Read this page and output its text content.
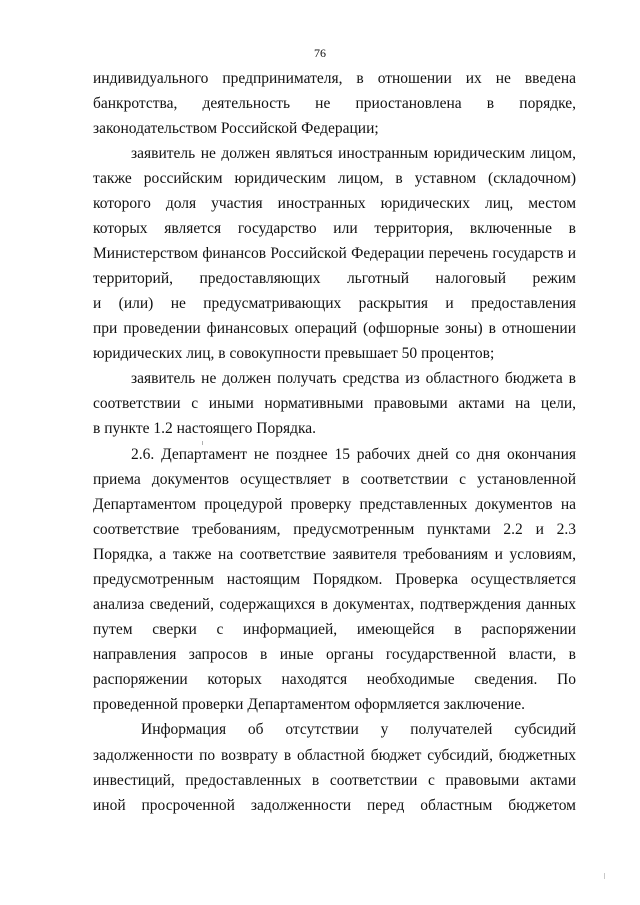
76
индивидуального предпринимателя, в отношении их не введена
банкротства, деятельность не приостановлена в порядке,
законодательством Российской Федерации;
заявитель не должен являться иностранным юридическим лицом,
также российским юридическим лицом, в уставном (складочном)
которого доля участия иностранных юридических лиц, местом
которых является государство или территория, включенные в
Министерством финансов Российской Федерации перечень государств и
территорий, предоставляющих льготный налоговый режим
и (или) не предусматривающих раскрытия и предоставления
при проведении финансовых операций (офшорные зоны) в отношении
юридических лиц, в совокупности превышает 50 процентов;
заявитель не должен получать средства из областного бюджета в
соответствии с иными нормативными правовыми актами на цели,
в пункте 1.2 настоящего Порядка.
2.6. Департамент не позднее 15 рабочих дней со дня окончания
приема документов осуществляет в соответствии с установленной
Департаментом процедурой проверку представленных документов на
соответствие требованиям, предусмотренным пунктами 2.2 и 2.3
Порядка, а также на соответствие заявителя требованиям и условиям,
предусмотренным настоящим Порядком. Проверка осуществляется
анализа сведений, содержащихся в документах, подтверждения данных
путем сверки с информацией, имеющейся в распоряжении
направления запросов в иные органы государственной власти, в
распоряжении которых находятся необходимые сведения. По
проведенной проверки Департаментом оформляется заключение.
Информация об отсутствии у получателей субсидий
задолженности по возврату в областной бюджет субсидий, бюджетных
инвестиций, предоставленных в соответствии с правовыми актами
иной просроченной задолженности перед областным бюджетом
